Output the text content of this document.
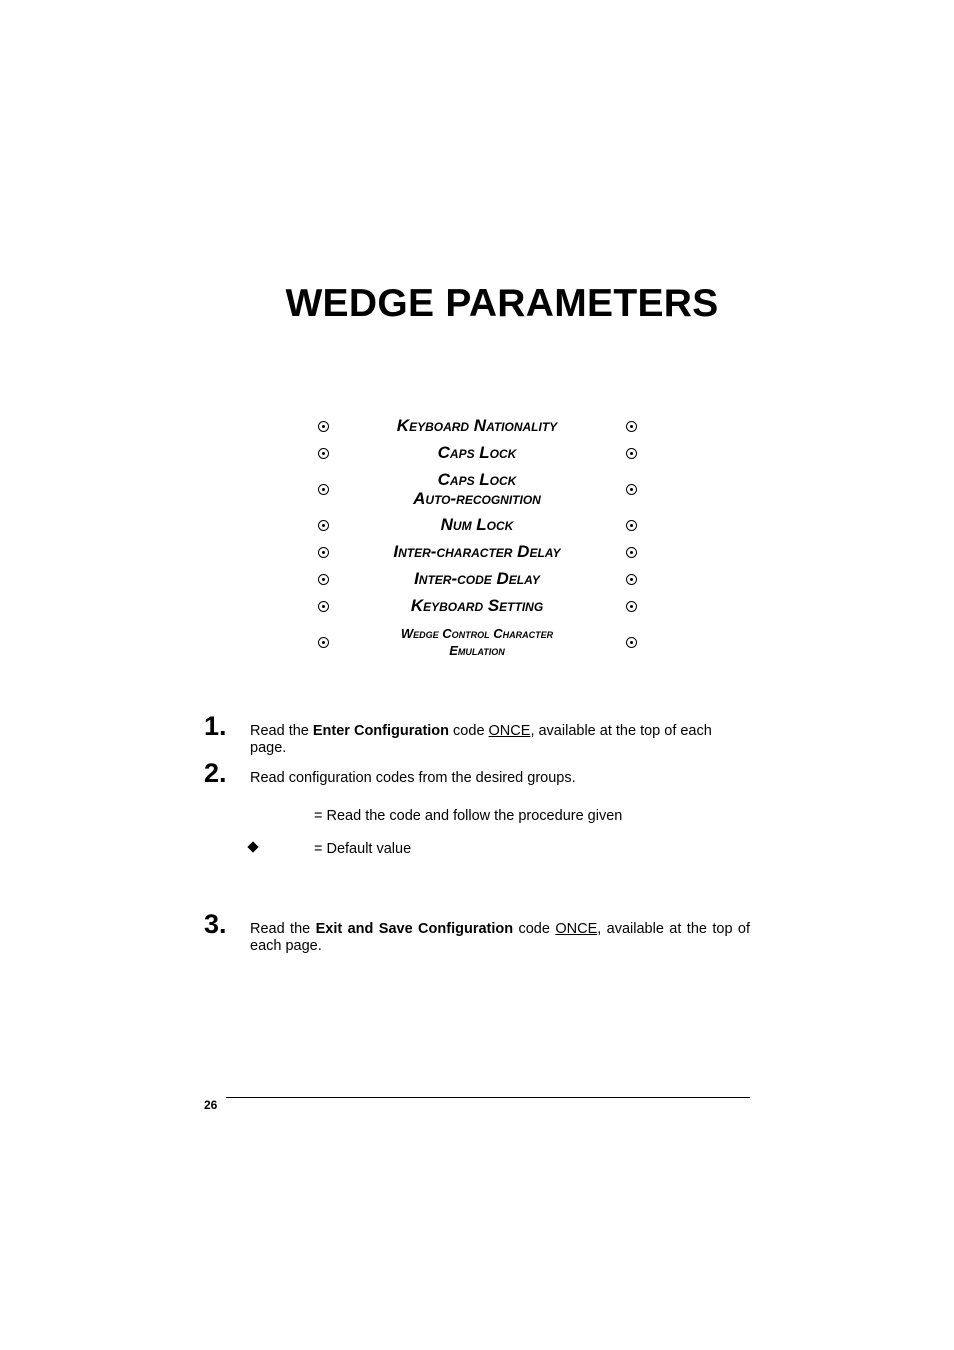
WEDGE PARAMETERS
	Keyboard Nationality	
	Caps Lock	

	Caps Lock
Auto-recognition	

	Num Lock	
	Inter-character Delay	
	Inter-code Delay	
	Keyboard Setting	

	Wedge Control Character
Emulation	

1. Read the Enter Configuration code ONCE, available at the top of each page.
2. Read configuration codes from the desired groups.
= Read the code and follow the procedure given
= Default value
3. Read the Exit and Save Configuration code ONCE, available at the top of each page.
26
